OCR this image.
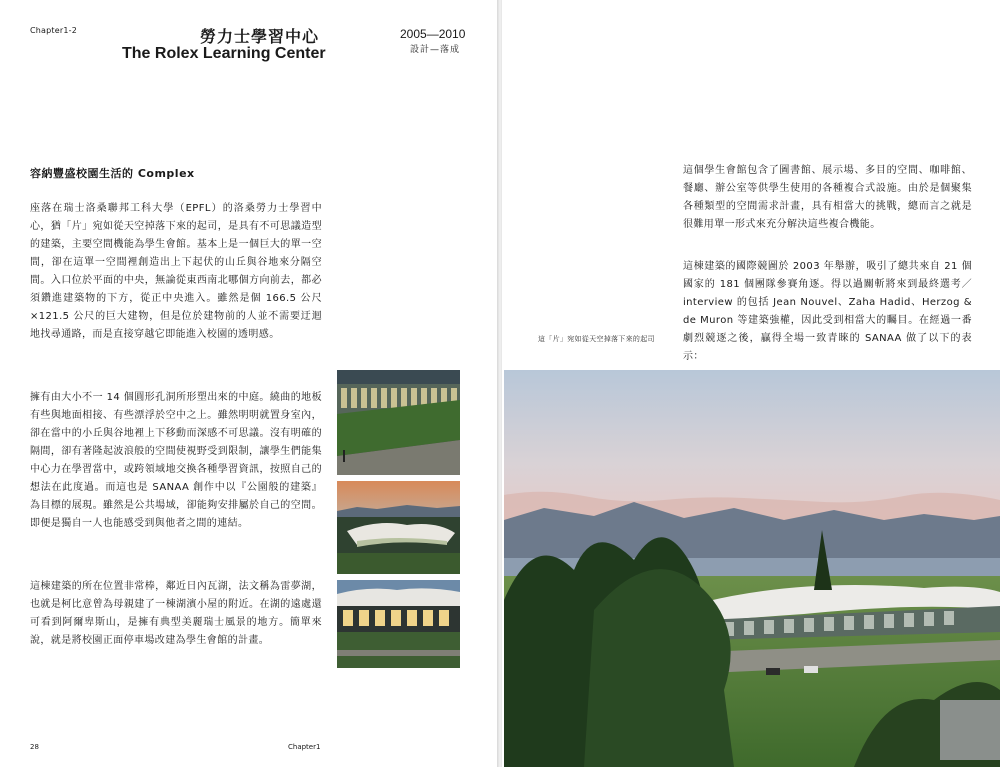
Chapter1-2	勞力士學習中心
The Rolex Learning Center
2005—2010
設計—落成
容納豐盛校園生活的 Complex

座落在瑞士洛桑聯邦工科大學（EPFL）的洛桑勞力士學習中心，猶「片」宛如從天空掉落下來的起司，是具有不可思議造型的建築，主要空間機能為學生會館。基本上是一個巨大的單一空間，卻在這單一空間裡創造出上下起伏的山丘與谷地來分隔空間。入口位於平面的中央，無論從東西南北哪個方向前去，都必須鑽進建築物的下方，從正中央進入。雖然是個 166.5 公尺 ×121.5 公尺的巨大建物，但是位於建物前的人並不需要迂迴地找尋通路，而是直接穿越它即能進入校園的透明感。

擁有由大小不一 14 個圓形孔洞所形塑出來的中庭。繞曲的地板有些與地面相接、有些漂浮於空中之上。雖然明明就置身室內，卻在當中的小丘與谷地裡上下移動而深感不可思議。沒有明確的隔間，卻有著隆起波浪般的空間使視野受到限制，讓學生們能集中心力在學習當中，或跨領域地交換各種學習資訊，按照自己的想法在此度過。而這也是 SANAA 創作中以『公園般的建築』為目標的展現。雖然是公共場域，卻能夠安排屬於自己的空間。即便是獨自一人也能感受到與他者之間的連結。

這棟建築的所在位置非常棒，鄰近日內瓦湖，法文稱為雷夢湖，也就是柯比意曾為母親建了一棟湖濱小屋的附近。在湖的遠處還可看到阿爾卑斯山，是擁有典型美麗瑞士風景的地方。簡單來說，就是將校園正面停車場改建為學生會館的計畫。

28	Chapter1

這個學生會館包含了圖書館、展示場、多目的空間、咖啡館、餐廳、辦公室等供學生使用的各種複合式設施。由於是個聚集各種類型的空間需求計畫，具有相當大的挑戰，總而言之就是很難用單一形式來充分解決這些複合機能。

這棟建築的國際競圖於 2003 年舉辦，吸引了總共來自 21 個國家的 181 個團隊參賽角逐。得以過關斬將來到最終選考／interview 的包括 Jean Nouvel、Zaha Hadid、Herzog & de Muron 等建築強權，因此受到相當大的矚目。在經過一番劇烈競逐之後，贏得全場一致青睞的 SANAA 做了以下的表示：

這「片」宛如從天空掉落下來的起司
